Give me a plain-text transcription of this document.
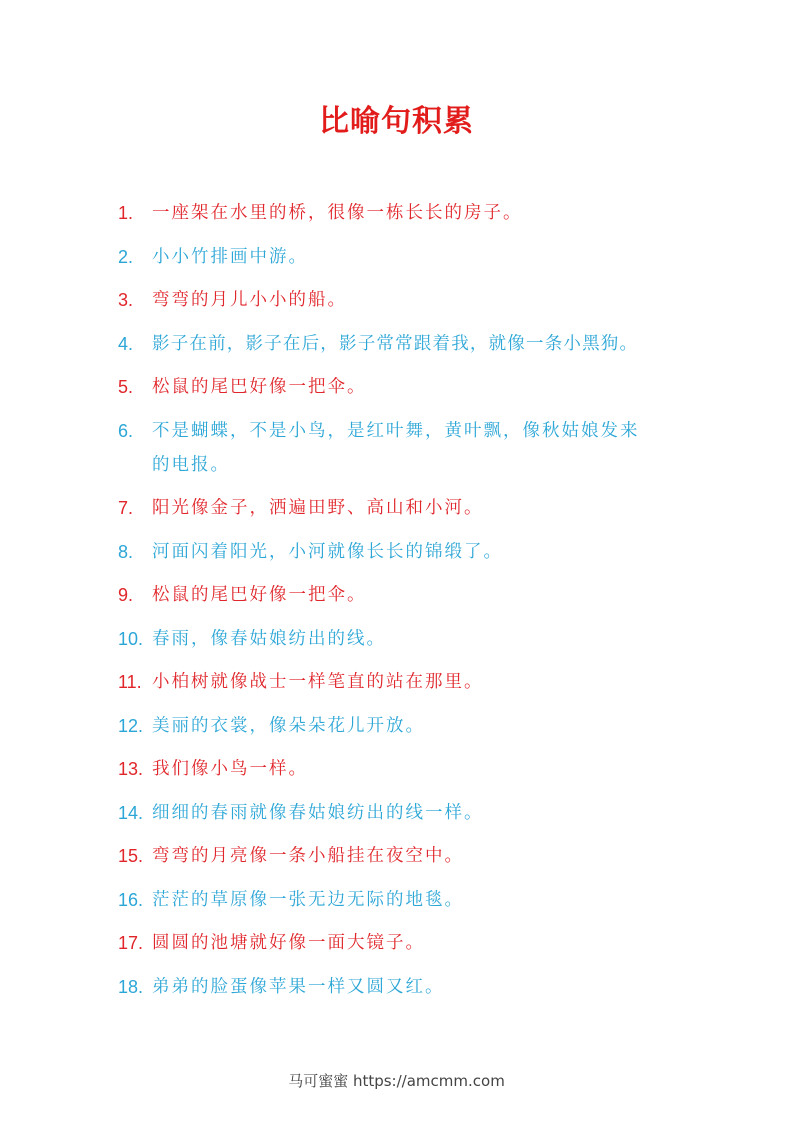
比喻句积累
1. 一座架在水里的桥，很像一栋长长的房子。
2. 小小竹排画中游。
3. 弯弯的月儿小小的船。
4. 影子在前，影子在后，影子常常跟着我，就像一条小黑狗。
5. 松鼠的尾巴好像一把伞。
6. 不是蝴蝶，不是小鸟，是红叶舞，黄叶飘，像秋姑娘发来的电报。
7. 阳光像金子，洒遍田野、高山和小河。
8. 河面闪着阳光，小河就像长长的锦缎了。
9. 松鼠的尾巴好像一把伞。
10. 春雨，像春姑娘纺出的线。
11. 小柏树就像战士一样笔直的站在那里。
12. 美丽的衣裳，像朵朵花儿开放。
13. 我们像小鸟一样。
14. 细细的春雨就像春姑娘纺出的线一样。
15. 弯弯的月亮像一条小船挂在夜空中。
16. 茫茫的草原像一张无边无际的地毯。
17. 圆圆的池塘就好像一面大镜子。
18. 弟弟的脸蛋像苹果一样又圆又红。

马可蜜蜜 https://amcmm.com
